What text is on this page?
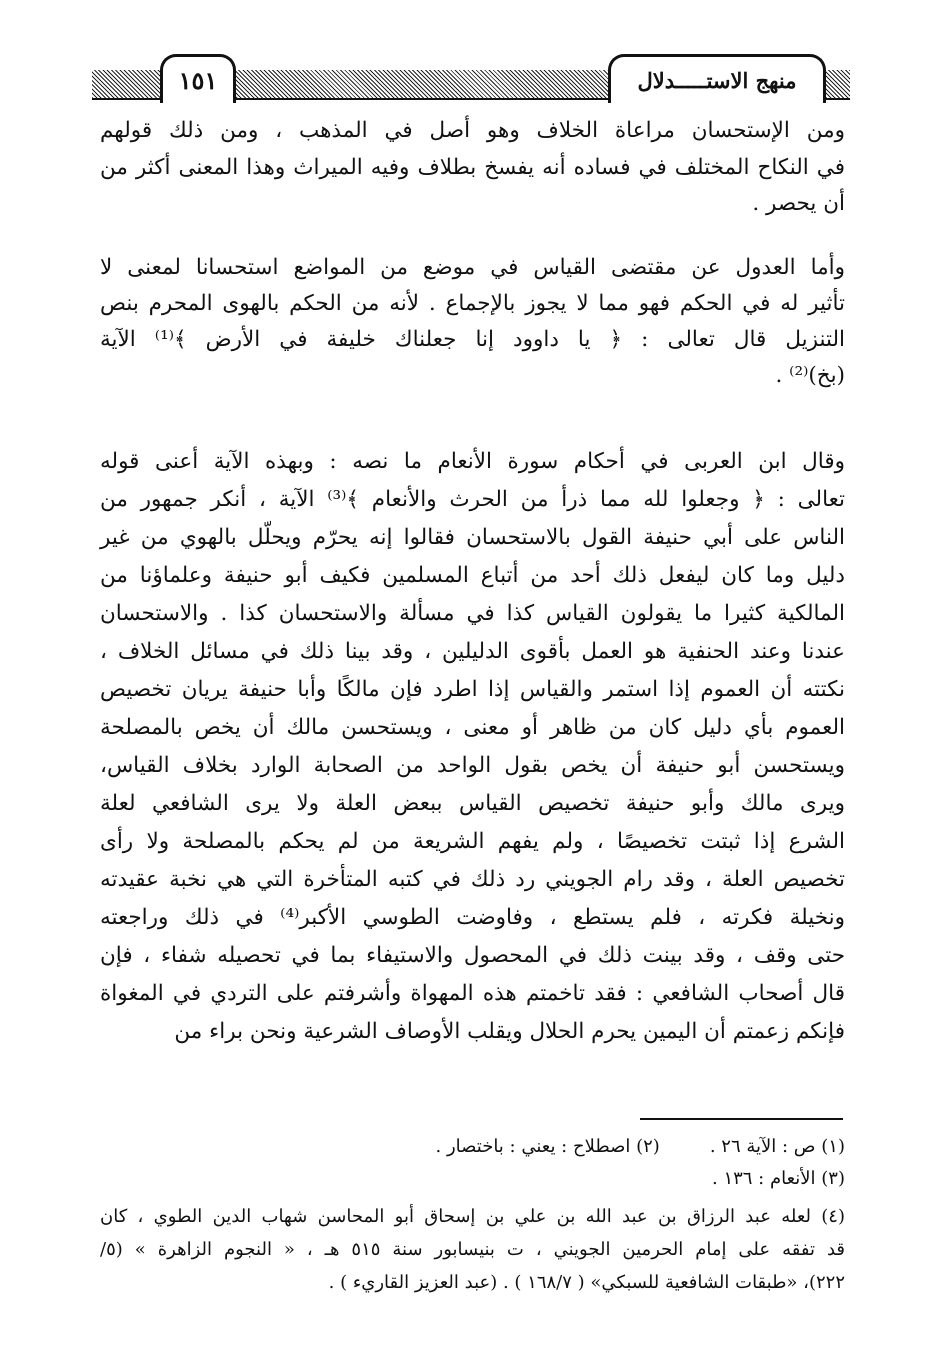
١٥١	منهج الاستـــــدلال
ومن الإستحسان مراعاة الخلاف وهو أصل في المذهب ، ومن ذلك قولهم
في النكاح المختلف في فساده أنه يفسخ بطلاف وفيه الميراث وهذا المعنى أكثر من
أن يحصر .
وأما العدول عن مقتضى القياس في موضع من المواضع استحسانا لمعنى لا
تأثير له في الحكم فهو مما لا يجوز بالإجماع . لأنه من الحكم بالهوى المحرم بنص
التنزيل قال تعالى : ﴿ يا داوود إنا جعلناك خليفة في الأرض ﴾⁽¹⁾ الآية
(بخ)⁽²⁾ .
وقال ابن العربى في أحكام سورة الأنعام ما نصه : وبهذه الآية أعنى قوله
تعالى : ﴿ وجعلوا لله مما ذرأ من الحرث والأنعام ﴾⁽³⁾ الآية ، أنكر جمهور من
الناس على أبي حنيفة القول بالاستحسان فقالوا إنه يحرّم ويحلّل بالهوي من غير
دليل وما كان ليفعل ذلك أحد من أتباع المسلمين فكيف أبو حنيفة وعلماؤنا من
المالكية كثيرا ما يقولون القياس كذا في مسألة والاستحسان كذا . والاستحسان
عندنا وعند الحنفية هو العمل بأقوى الدليلين ، وقد بينا ذلك في مسائل الخلاف ،
نكتته أن العموم إذا استمر والقياس إذا اطرد فإن مالكًا وأبا حنيفة يريان تخصيص
العموم بأي دليل كان من ظاهر أو معنى ، ويستحسن مالك أن يخص بالمصلحة
ويستحسن أبو حنيفة أن يخص بقول الواحد من الصحابة الوارد بخلاف القياس،
ويرى مالك وأبو حنيفة تخصيص القياس ببعض العلة ولا يرى الشافعي لعلة
الشرع إذا ثبتت تخصيصًا ، ولم يفهم الشريعة من لم يحكم بالمصلحة ولا رأى
تخصيص العلة ، وقد رام الجويني رد ذلك في كتبه المتأخرة التي هي نخبة عقيدته
ونخيلة فكرته ، فلم يستطع ، وفاوضت الطوسي الأكبر⁽⁴⁾ في ذلك وراجعته
حتى وقف ، وقد بينت ذلك في المحصول والاستيفاء بما في تحصيله شفاء ، فإن
قال أصحاب الشافعي : فقد تاخمتم هذه المهواة وأشرفتم على التردي في المغواة
فإنكم زعمتم أن اليمين يحرم الحلال ويقلب الأوصاف الشرعية ونحن براء من
(١) ص : الآية ٢٦ .(٢) اصطلاح : يعني : باختصار .
(٣) الأنعام : ١٣٦ .
(٤) لعله عبد الرزاق بن عبد الله بن علي بن إسحاق أبو المحاسن شهاب الدين الطوي ، كان
قد تفقه على إمام الحرمين الجويني ، ت بنيسابور سنة ٥١٥ هـ ، « النجوم الزاهرة » (٥/
٢٢٢)، «طبقات الشافعية للسبكي» ( ١٦٨/٧ ) . (عبد العزيز القاريء ) .
